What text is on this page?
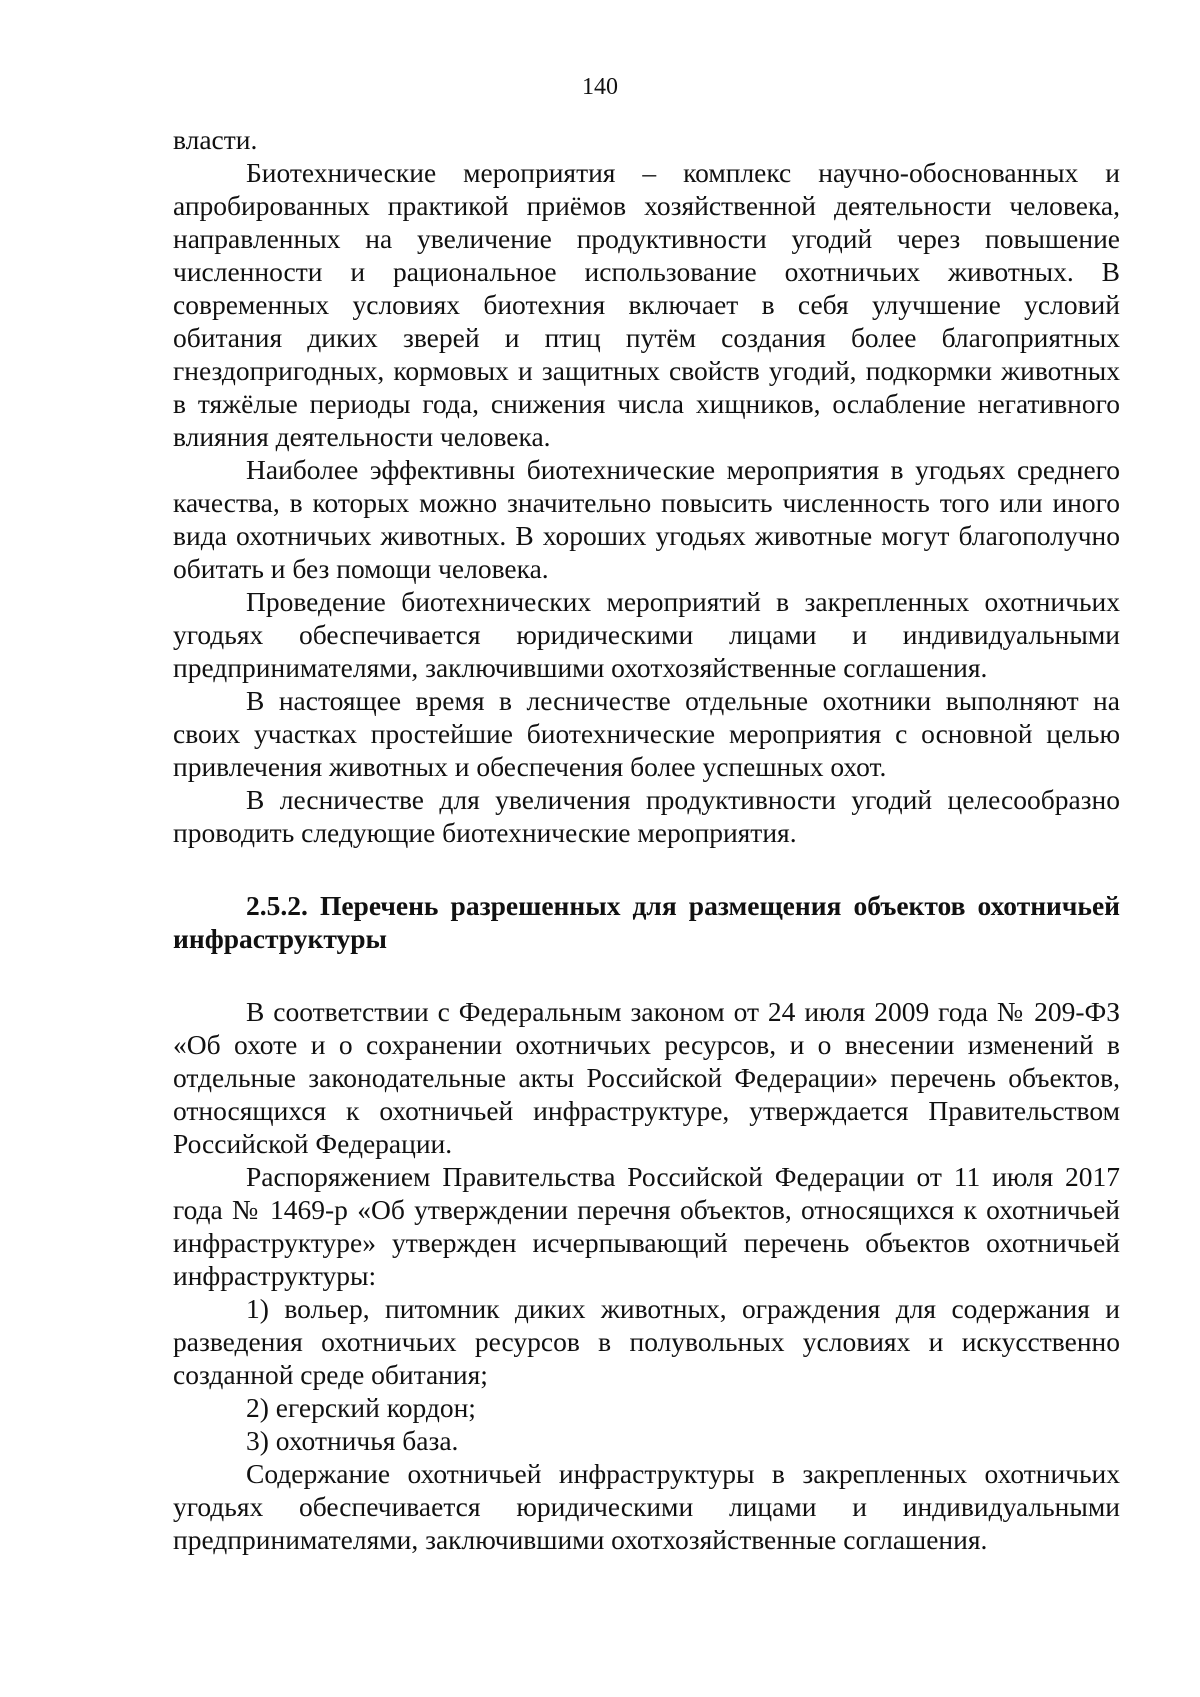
140

власти.

Биотехнические мероприятия – комплекс научно-обоснованных и апробированных практикой приёмов хозяйственной деятельности человека, направленных на увеличение продуктивности угодий через повышение численности и рациональное использование охотничьих животных. В современных условиях биотехния включает в себя улучшение условий обитания диких зверей и птиц путём создания более благоприятных гнездопригодных, кормовых и защитных свойств угодий, подкормки животных в тяжёлые периоды года, снижения числа хищников, ослабление негативного влияния деятельности человека.

Наиболее эффективны биотехнические мероприятия в угодьях среднего качества, в которых можно значительно повысить численность того или иного вида охотничьих животных. В хороших угодьях животные могут благополучно обитать и без помощи человека.

Проведение биотехнических мероприятий в закрепленных охотничьих угодьях обеспечивается юридическими лицами и индивидуальными предпринимателями, заключившими охотхозяйственные соглашения.

В настоящее время в лесничестве отдельные охотники выполняют на своих участках простейшие биотехнические мероприятия с основной целью привлечения животных и обеспечения более успешных охот.

В лесничестве для увеличения продуктивности угодий целесообразно проводить следующие биотехнические мероприятия.

2.5.2. Перечень разрешенных для размещения объектов охотничьей инфраструктуры

В соответствии с Федеральным законом от 24 июля 2009 года № 209-ФЗ «Об охоте и о сохранении охотничьих ресурсов, и о внесении изменений в отдельные законодательные акты Российской Федерации» перечень объектов, относящихся к охотничьей инфраструктуре, утверждается Правительством Российской Федерации.

Распоряжением Правительства Российской Федерации от 11 июля 2017 года № 1469-р «Об утверждении перечня объектов, относящихся к охотничьей инфраструктуре» утвержден исчерпывающий перечень объектов охотничьей инфраструктуры:

1) вольер, питомник диких животных, ограждения для содержания и разведения охотничьих ресурсов в полувольных условиях и искусственно созданной среде обитания;

2) егерский кордон;

3) охотничья база.

Содержание охотничьей инфраструктуры в закрепленных охотничьих угодьях обеспечивается юридическими лицами и индивидуальными предпринимателями, заключившими охотхозяйственные соглашения.
